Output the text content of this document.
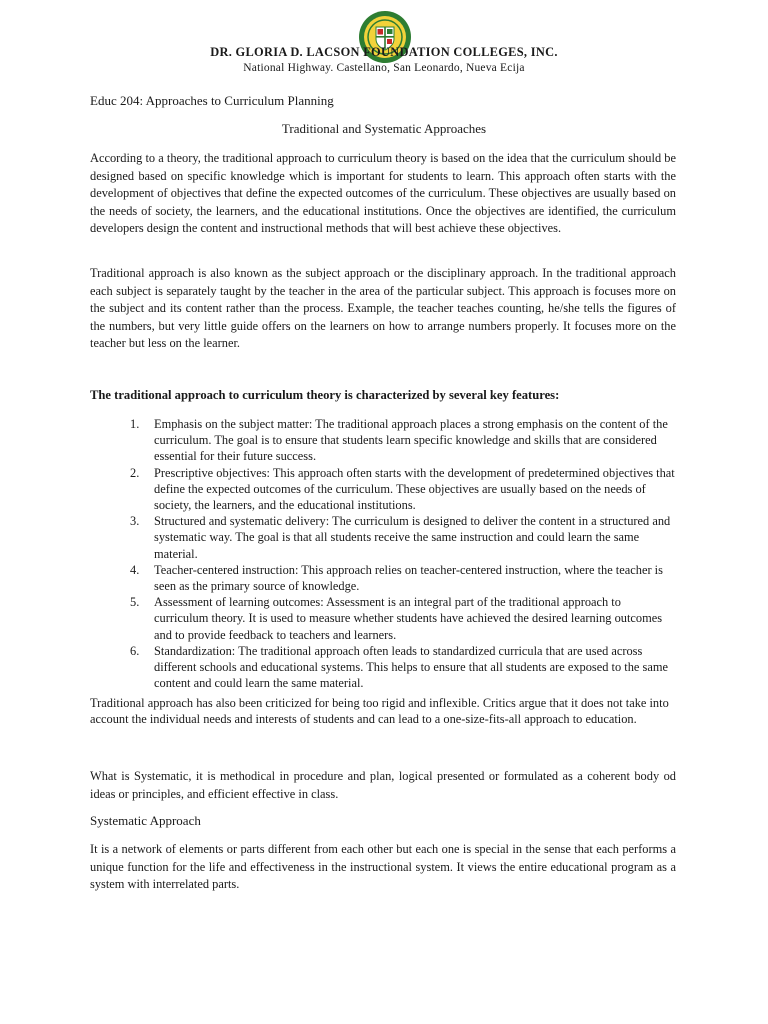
DR. GLORIA D. LACSON FOUNDATION COLLEGES, INC.
National Highway. Castellano, San Leonardo, Nueva Ecija
Educ 204: Approaches to Curriculum Planning
Traditional and Systematic Approaches

According to a theory, the traditional approach to curriculum theory is based on the idea that the curriculum should be designed based on specific knowledge which is important for students to learn. This approach often starts with the development of objectives that define the expected outcomes of the curriculum. These objectives are usually based on the needs of society, the learners, and the educational institutions. Once the objectives are identified, the curriculum developers design the content and instructional methods that will best achieve these objectives.

Traditional approach is also known as the subject approach or the disciplinary approach. In the traditional approach each subject is separately taught by the teacher in the area of the particular subject. This approach is focuses more on the subject and its content rather than the process. Example, the teacher teaches counting, he/she tells the figures of the numbers, but very little guide offers on the learners on how to arrange numbers properly. It focuses more on the teacher but less on the learner.

The traditional approach to curriculum theory is characterized by several key features:
1.	Emphasis on the subject matter: The traditional approach places a strong emphasis on the content of the curriculum. The goal is to ensure that students learn specific knowledge and skills that are considered essential for their future success.
2.	Prescriptive objectives: This approach often starts with the development of predetermined objectives that define the expected outcomes of the curriculum. These objectives are usually based on the needs of society, the learners, and the educational institutions.
3.	Structured and systematic delivery: The curriculum is designed to deliver the content in a structured and systematic way. The goal is that all students receive the same instruction and could learn the same material.
4.	Teacher-centered instruction: This approach relies on teacher-centered instruction, where the teacher is seen as the primary source of knowledge.
5.	Assessment of learning outcomes: Assessment is an integral part of the traditional approach to curriculum theory. It is used to measure whether students have achieved the desired learning outcomes and to provide feedback to teachers and learners.
6.	Standardization: The traditional approach often leads to standardized curricula that are used across different schools and educational systems. This helps to ensure that all students are exposed to the same content and could learn the same material.

Traditional approach has also been criticized for being too rigid and inflexible. Critics argue that it does not take into account the individual needs and interests of students and can lead to a one-size-fits-all approach to education.

What is Systematic, it is methodical in procedure and plan, logical presented or formulated as a coherent body od ideas or principles, and efficient effective in class.

Systematic Approach

It is a network of elements or parts different from each other but each one is special in the sense that each performs a unique function for the life and effectiveness in the instructional system. It views the entire educational program as a system with interrelated parts.
